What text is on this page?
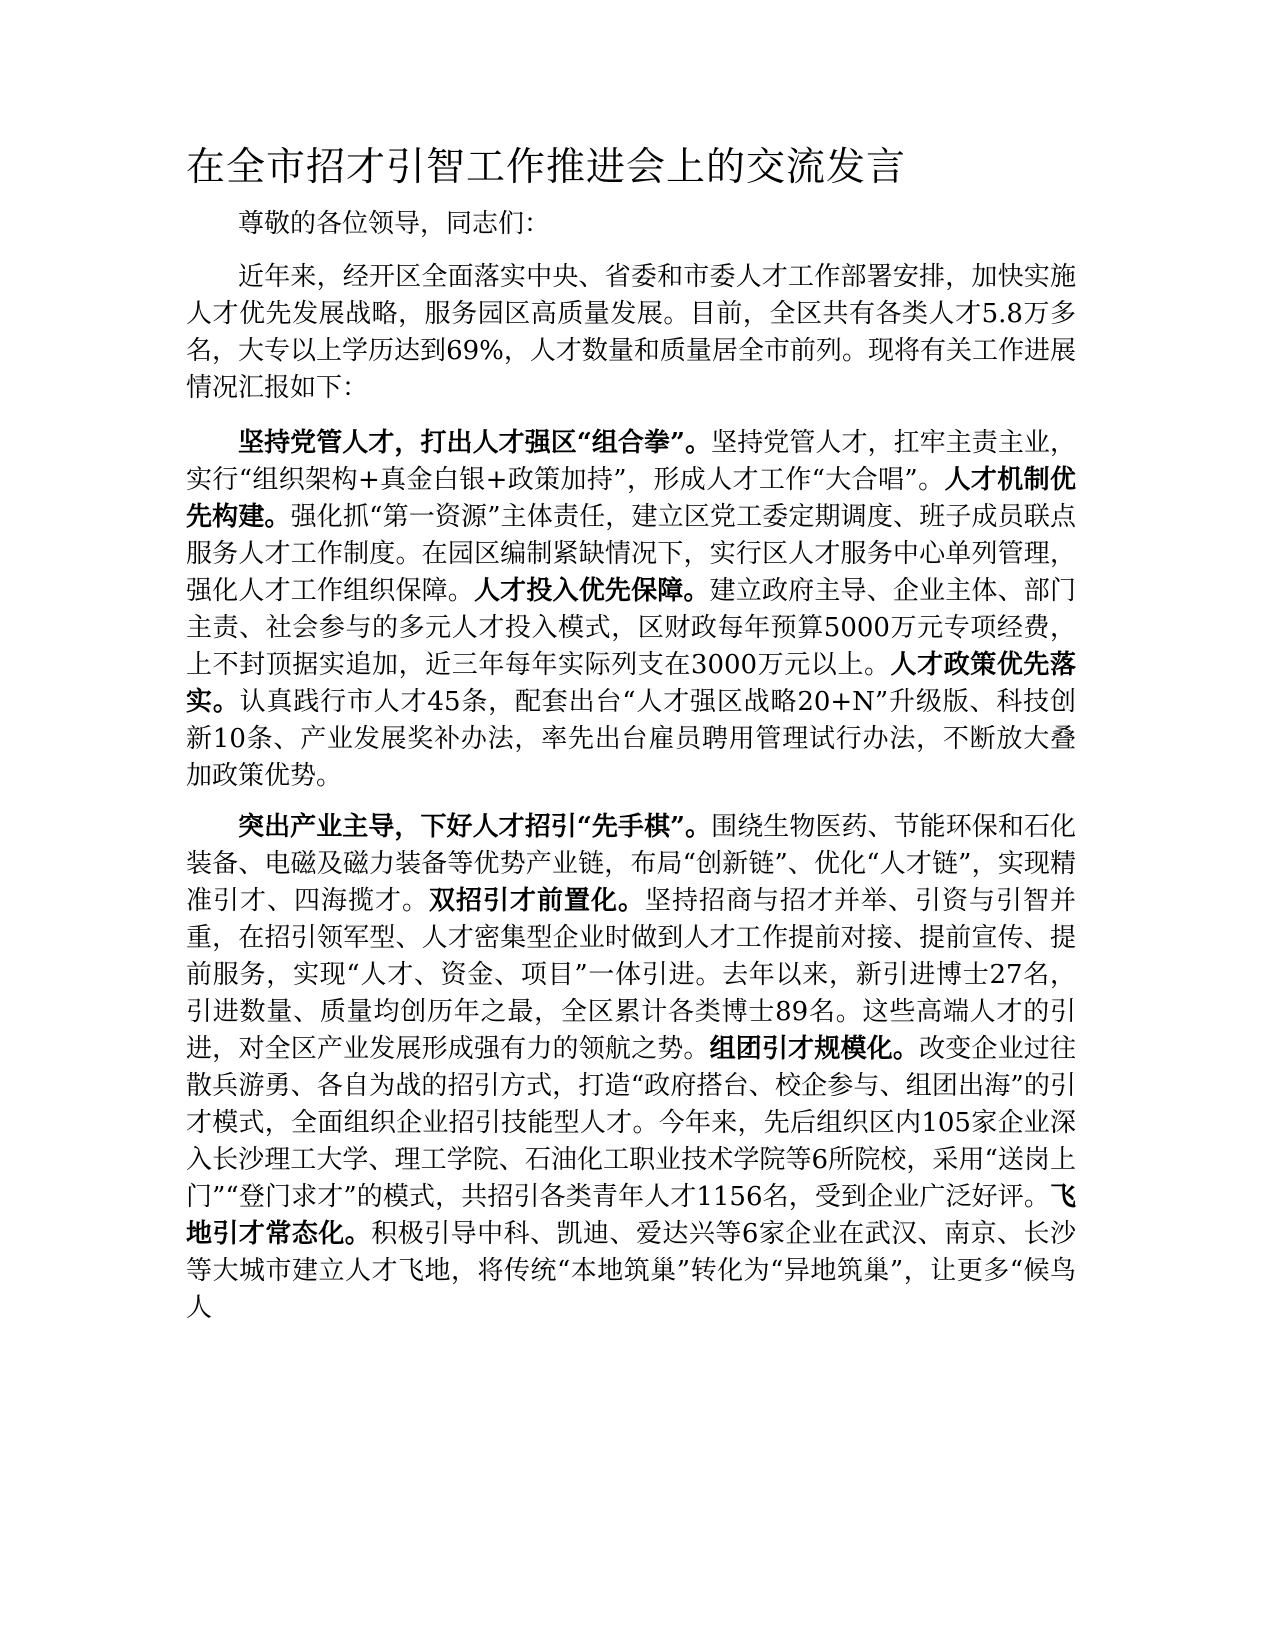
在全市招才引智工作推进会上的交流发言

尊敬的各位领导，同志们：

近年来，经开区全面落实中央、省委和市委人才工作部署安排，加快实施人才优先发展战略，服务园区高质量发展。目前，全区共有各类人才5.8万多名，大专以上学历达到69%，人才数量和质量居全市前列。现将有关工作进展情况汇报如下：

坚持党管人才，打出人才强区“组合拳”。坚持党管人才，扛牢主责主业，实行“组织架构+真金白银+政策加持”，形成人才工作“大合唱”。人才机制优先构建。强化抓“第一资源”主体责任，建立区党工委定期调度、班子成员联点服务人才工作制度。在园区编制紧缺情况下，实行区人才服务中心单列管理，强化人才工作组织保障。人才投入优先保障。建立政府主导、企业主体、部门主责、社会参与的多元人才投入模式，区财政每年预算5000万元专项经费，上不封顶据实追加，近三年每年实际列支在3000万元以上。人才政策优先落实。认真践行市人才45条，配套出台“人才强区战略20+N”升级版、科技创新10条、产业发展奖补办法，率先出台雇员聘用管理试行办法，不断放大叠加政策优势。

突出产业主导，下好人才招引“先手棋”。围绕生物医药、节能环保和石化装备、电磁及磁力装备等优势产业链，布局“创新链”、优化“人才链”，实现精准引才、四海揽才。双招引才前置化。坚持招商与招才并举、引资与引智并重，在招引领军型、人才密集型企业时做到人才工作提前对接、提前宣传、提前服务，实现“人才、资金、项目”一体引进。去年以来，新引进博士27名，引进数量、质量均创历年之最，全区累计各类博士89名。这些高端人才的引进，对全区产业发展形成强有力的领航之势。组团引才规模化。改变企业过往散兵游勇、各自为战的招引方式，打造“政府搭台、校企参与、组团出海”的引才模式，全面组织企业招引技能型人才。今年来，先后组织区内105家企业深入长沙理工大学、理工学院、石油化工职业技术学院等6所院校，采用“送岗上门”“登门求才”的模式，共招引各类青年人才1156名，受到企业广泛好评。飞地引才常态化。积极引导中科、凯迪、爱达兴等6家企业在武汉、南京、长沙等大城市建立人才飞地，将传统“本地筑巢”转化为“异地筑巢”，让更多“候鸟人
